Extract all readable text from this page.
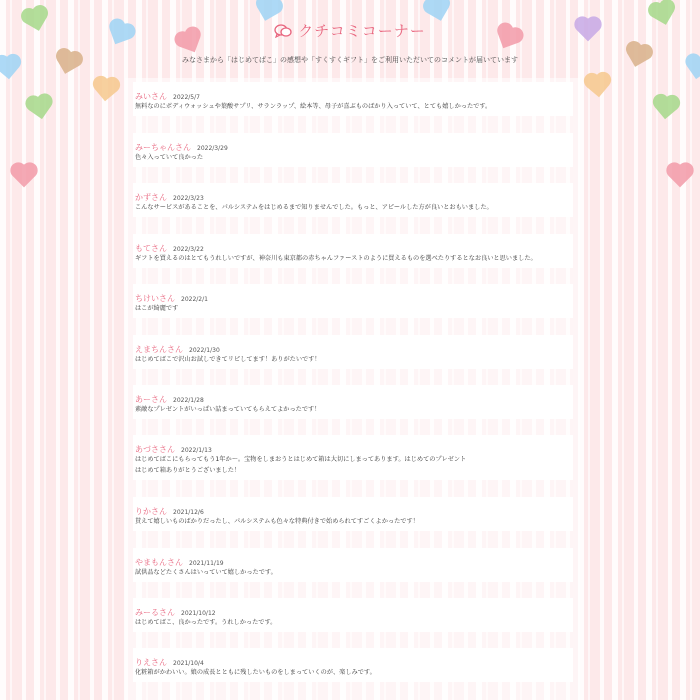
クチコミコーナー
みなさまから「はじめてばこ」の感想や「すくすくギフト」をご利用いただいてのコメントが届いています
みいさん 2022/5/7
無料なのにボディウォッシュや葉酸サプリ、サランラップ、絵本等、母子が喜ぶものばかり入っていて、とても嬉しかったです。
みーちゃんさん 2022/3/29
色々入っていて良かった
かずさん 2022/3/23
こんなサービスがあることを、パルシステムをはじめるまで知りませんでした。もっと、アピールした方が良いとおもいました。
もてさん 2022/3/22
ギフトを買えるのはとてもうれしいですが、神奈川も東京都の赤ちゃんファーストのように買えるものを選べたりするとなお良いと思いました。
ちけいさん 2022/2/1
はこが綺麗です
えまちんさん 2022/1/30
はじめてばこで沢山お試しできてリピしてます！ありがたいです！
あーさん 2022/1/28
素敵なプレゼントがいっぱい詰まっていてもらえてよかったです！
あづささん 2022/1/13
はじめてばこにもらってもう1年か〜。宝物をしまおうとはじめて箱は大切にしまってあります。はじめてのプレゼント
はじめて箱ありがとうございました！
りかさん 2021/12/6
貰えて嬉しいものばかりだったし、パルシステムも色々な特典付きで始められてすごくよかったです！
やまもんさん 2021/11/19
試供品などたくさんはいっていて嬉しかったです。
みーるさん 2021/10/12
はじめてばこ、良かったです。うれしかったです。
りえさん 2021/10/4
化粧箱がかわいい。娘の成長とともに残したいものをしまっていくのが、楽しみです。
